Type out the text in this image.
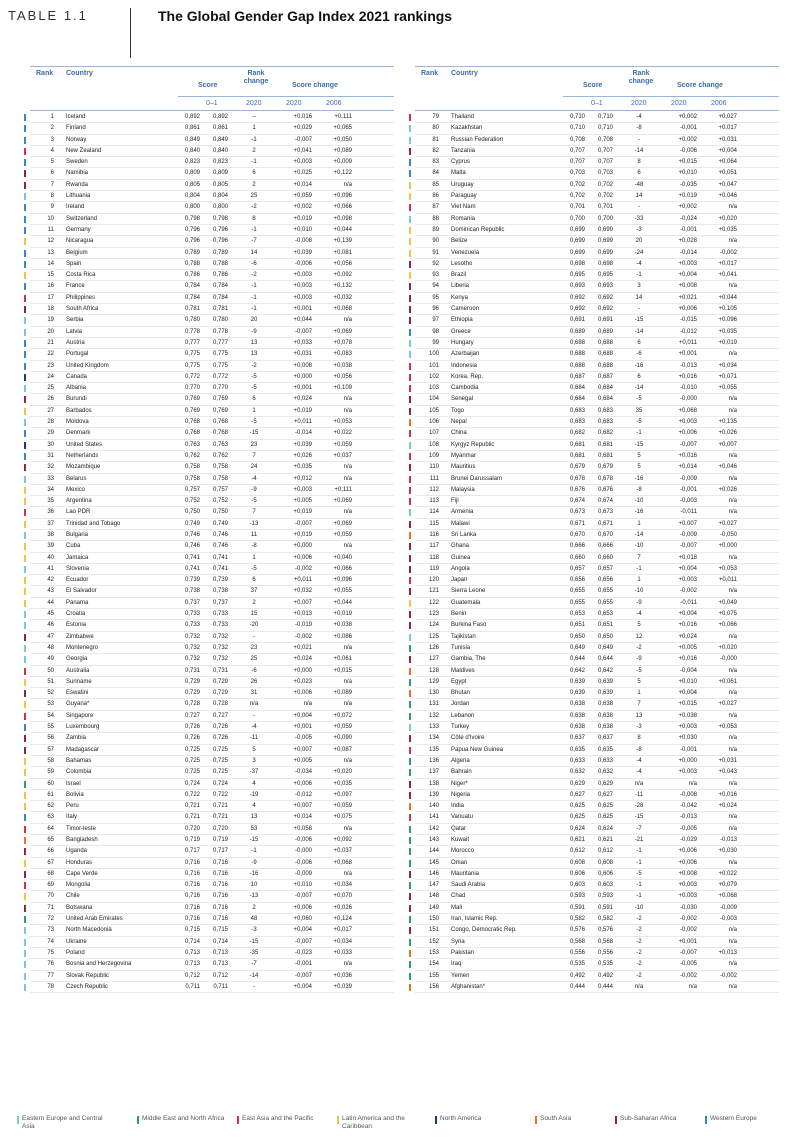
TABLE 1.1	The Global Gender Gap Index 2021 rankings
Rank Country
Score
Rank change
Score change
0–1	2020	2020	2006
1 Iceland	0,892	0,892	–	+0,016	+0,111
2 Finland	0,861	0,861	1	+0,029	+0,065
3 Norway	0,849	0,849	-1	-0,007	+0,050
4 New Zealand	0,840	0,840	2	+0,041	+0,089
5 Sweden	0,823	0,823	-1	+0,003	+0,009
6 Namibia	0,809	0,809	6	+0,025	+0,122
7 Rwanda	0,805	0,805	2	+0,014	n/a
8 Lithuania	0,804	0,804	25	+0,059	+0,096
9 Ireland	0,800	0,800	-2	+0,002	+0,066
10 Switzerland	0,798	0,798	8	+0,019	+0,098
11 Germany	0,796	0,796	-1	+0,010	+0,044
12 Nicaragua	0,796	0,796	-7	-0,008	+0,139
13 Belgium	0,789	0,789	14	+0,039	+0,081
14 Spain	0,788	0,788	-6	-0,006	+0,056
15 Costa Rica	0,786	0,786	-2	+0,003	+0,092
16 France	0,784	0,784	-1	+0,003	+0,132
17 Philippines	0,784	0,784	-1	+0,003	+0,032
18 South Africa	0,781	0,781	-1	+0,001	+0,068
19 Serbia	0,780	0,780	20	+0,044	n/a
20 Latvia	0,778	0,778	-9	-0,007	+0,069
21 Austria	0,777	0,777	13	+0,033	+0,078
22 Portugal	0,775	0,775	13	+0,031	+0,083
23 United Kingdom	0,775	0,775	-2	+0,008	+0,038
24 Canada	0,772	0,772	-5	+0,000	+0,056
25 Albania	0,770	0,770	-5	+0,001	+0,109
26 Burundi	0,769	0,769	6	+0,024	n/a
27 Barbados	0,769	0,769	1	+0,019	n/a
28 Moldova	0,768	0,768	-5	+0,011	+0,053
29 Denmark	0,768	0,768	-15	-0,014	+0,022
30 United States	0,763	0,763	23	+0,039	+0,059
31 Netherlands	0,762	0,762	7	+0,026	+0,037
32 Mozambique	0,758	0,758	24	+0,035	n/a
33 Belarus	0,758	0,758	-4	+0,012	n/a
34 Mexico	0,757	0,757	-9	+0,003	+0,111
35 Argentina	0,752	0,752	-5	+0,005	+0,069
36 Lao PDR	0,750	0,750	7	+0,019	n/a
37 Trinidad and Tobago	0,749	0,749	-13	-0,007	+0,069
38 Bulgaria	0,746	0,746	11	+0,019	+0,059
39 Cuba	0,746	0,746	-8	+0,000	n/a
40 Jamaica	0,741	0,741	1	+0,006	+0,040
41 Slovenia	0,741	0,741	-5	-0,002	+0,066
42 Ecuador	0,739	0,739	6	+0,011	+0,096
43 El Salvador	0,738	0,738	37	+0,032	+0,055
44 Panama	0,737	0,737	2	+0,007	+0,044
45 Croatia	0,733	0,733	15	+0,013	+0,019
46 Estonia	0,733	0,733	-20	-0,019	+0,038
47 Zimbabwe	0,732	0,732	-	-0,002	+0,086
48 Montenegro	0,732	0,732	23	+0,021	n/a
49 Georgia	0,732	0,732	25	+0,024	+0,061
50 Australia	0,731	0,731	-6	+0,000	+0,015
51 Suriname	0,729	0,729	26	+0,023	n/a
52 Eswatini	0,729	0,729	31	+0,006	+0,089
53 Guyana*	0,728	0,728	n/a	n/a	n/a
54 Singapore	0,727	0,727	-	+0,004	+0,072
55 Luxembourg	0,726	0,726	-4	+0,001	+0,059
56 Zambia	0,726	0,726	-11	-0,005	+0,090
57 Madagascar	0,725	0,725	5	+0,007	+0,087
58 Bahamas	0,725	0,725	3	+0,005	n/a
59 Colombia	0,725	0,725	-37	-0,034	+0,020
60 Israel	0,724	0,724	4	+0,006	+0,035
61 Bolivia	0,722	0,722	-19	-0,012	+0,097
62 Peru	0,721	0,721	4	+0,007	+0,059
63 Italy	0,721	0,721	13	+0,014	+0,075
64 Timor-leste	0,720	0,720	53	+0,058	n/a
65 Bangladesh	0,719	0,719	-15	-0,006	+0,092
66 Uganda	0,717	0,717	-1	-0,000	+0,037
67 Honduras	0,716	0,716	-9	-0,006	+0,068
68 Cape Verde	0,716	0,716	-16	-0,009	n/a
69 Mongolia	0,716	0,716	10	+0,010	+0,034
70 Chile	0,716	0,716	-13	-0,007	+0,070
71 Botswana	0,716	0,716	2	+0,006	+0,026
72 United Arab Emirates	0,716	0,716	48	+0,060	+0,124
73 North Macedonia	0,715	0,715	-3	+0,004	+0,017
74 Ukraine	0,714	0,714	-15	-0,007	+0,034
75 Poland	0,713	0,713	-35	-0,023	+0,033
76 Bosnia and Herzegovina	0,713	0,713	-7	-0,001	n/a
77 Slovak Republic	0,712	0,712	-14	-0,007	+0,036
78 Czech Republic	0,711	0,711	-	+0,004	+0,039
Rank Country
Score
Rank change
Score change
0–1	2020	2020	2006
79 Thailand	0,710	0,710	-4	+0,002	+0,027
80 Kazakhstan	0,710	0,710	-8	-0,001	+0,017
81 Russian Federation	0,708	0,708	-	+0,002	+0,031
82 Tanzania	0,707	0,707	-14	-0,006	+0,004
83 Cyprus	0,707	0,707	8	+0,015	+0,064
84 Malta	0,703	0,703	6	+0,010	+0,051
85 Uruguay	0,702	0,702	-48	-0,035	+0,047
86 Paraguay	0,702	0,702	14	+0,019	+0,046
87 Viet Nam	0,701	0,701	-	+0,002	n/a
88 Romania	0,700	0,700	-33	-0,024	+0,020
89 Dominican Republic	0,699	0,699	-3	-0,001	+0,035
90 Belize	0,699	0,699	20	+0,028	n/a
91 Venezuela	0,699	0,699	-24	-0,014	-0,002
92 Lesotho	0,698	0,698	-4	+0,003	+0,017
93 Brazil	0,695	0,695	-1	+0,004	+0,041
94 Liberia	0,693	0,693	3	+0,008	n/a
95 Kenya	0,692	0,692	14	+0,021	+0,044
96 Cameroon	0,692	0,692	-	+0,006	+0,105
97 Ethiopia	0,691	0,691	-15	-0,015	+0,096
98 Greece	0,689	0,689	-14	-0,012	+0,035
99 Hungary	0,688	0,688	6	+0,011	+0,019
100 Azerbaijan	0,688	0,688	-6	+0,001	n/a
101 Indonesia	0,688	0,688	-16	-0,013	+0,034
102 Korea, Rep.	0,687	0,687	6	+0,016	+0,071
103 Cambodia	0,684	0,684	-14	-0,010	+0,055
104 Senegal	0,684	0,684	-5	-0,000	n/a
105 Togo	0,683	0,683	35	+0,068	n/a
106 Nepal	0,683	0,683	-5	+0,003	+0,135
107 China	0,682	0,682	-1	+0,006	+0,026
108 Kyrgyz Republic	0,681	0,681	-15	-0,007	+0,007
109 Myanmar	0,681	0,681	5	+0,016	n/a
110 Mauritius	0,679	0,679	5	+0,014	+0,046
111 Brunei Darussalam	0,678	0,678	-16	-0,009	n/a
112 Malaysia	0,676	0,676	-8	-0,001	+0,026
113 Fiji	0,674	0,674	-10	-0,003	n/a
114 Armenia	0,673	0,673	-16	-0,011	n/a
115 Malawi	0,671	0,671	1	+0,007	+0,027
116 Sri Lanka	0,670	0,670	-14	-0,009	-0,050
117 Ghana	0,666	0,666	-10	-0,007	+0,000
118 Guinea	0,660	0,660	7	+0,018	n/a
119 Angola	0,657	0,657	-1	+0,004	+0,053
120 Japan	0,656	0,656	1	+0,003	+0,011
121 Sierra Leone	0,655	0,655	-10	-0,002	n/a
122 Guatemala	0,655	0,655	-9	-0,011	+0,049
123 Benin	0,653	0,653	-4	+0,004	+0,075
124 Burkina Faso	0,651	0,651	5	+0,016	+0,066
125 Tajikistan	0,650	0,650	12	+0,024	n/a
126 Tunisia	0,649	0,649	-2	+0,005	+0,020
127 Gambia, The	0,644	0,644	-9	+0,016	-0,000
128 Maldives	0,642	0,642	-5	-0,004	n/a
129 Egypt	0,639	0,639	5	+0,010	+0,061
130 Bhutan	0,639	0,639	1	+0,004	n/a
131 Jordan	0,638	0,638	7	+0,015	+0,027
132 Lebanon	0,638	0,638	13	+0,038	n/a
133 Turkey	0,638	0,638	-3	+0,003	+0,053
134 Côte d'Ivoire	0,637	0,637	8	+0,030	n/a
135 Papua New Guinea	0,635	0,635	-8	-0,001	n/a
136 Algeria	0,633	0,633	-4	+0,000	+0,031
137 Bahrain	0,632	0,632	-4	+0,003	+0,043
138 Niger*	0,629	0,629	n/a	n/a	n/a
139 Nigeria	0,627	0,627	-11	-0,008	+0,016
140 India	0,625	0,625	-28	-0,042	+0,024
141 Vanuatu	0,625	0,625	-15	-0,013	n/a
142 Qatar	0,624	0,624	-7	-0,005	n/a
143 Kuwait	0,621	0,621	-21	-0,029	-0,013
144 Morocco	0,612	0,612	-1	+0,006	+0,030
145 Oman	0,608	0,608	-1	+0,006	n/a
146 Mauritania	0,606	0,606	-5	+0,008	+0,022
147 Saudi Arabia	0,603	0,603	-1	+0,003	+0,079
148 Chad	0,593	0,593	-1	+0,003	+0,068
149 Mali	0,591	0,591	-10	-0,030	-0,009
150 Iran, Islamic Rep.	0,582	0,582	-2	-0,002	-0,003
151 Congo, Democratic Rep.	0,576	0,576	-2	-0,002	n/a
152 Syria	0,568	0,568	-2	+0,001	n/a
153 Pakistan	0,556	0,556	-2	-0,007	+0,013
154 Iraq	0,535	0,535	-2	-0,005	n/a
155 Yemen	0,492	0,492	-2	-0,002	-0,002
156 Afghanistan*	0,444	0,444	n/a	n/a	n/a
Eastern Europe and Central Asia
Middle East and North Africa	East Asia and the Pacific	Latin America and the Caribbean
North America	South Asia	Sub-Saharan Africa	Western Europe
